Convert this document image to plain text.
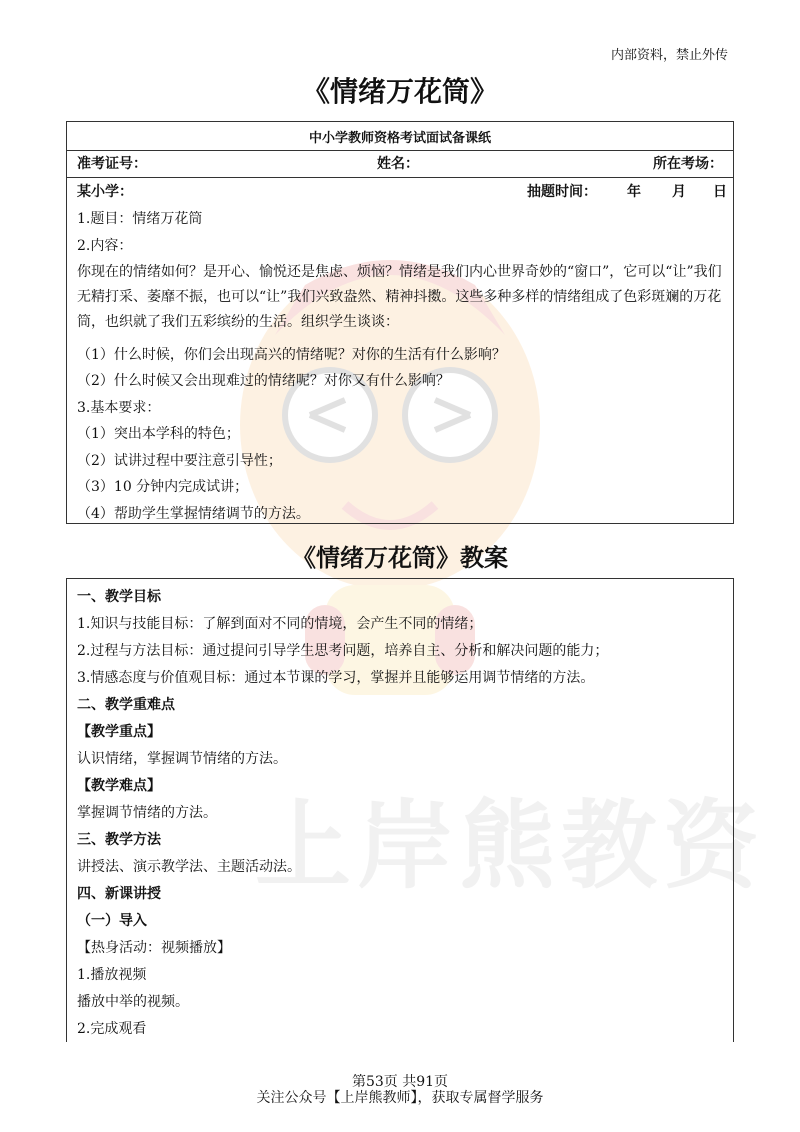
上岸熊教资
内部资料，禁止外传
《情绪万花筒》
中小学教师资格考试面试备课纸
准考证号：	姓名：	所在考场：
某小学：	抽题时间： 年 月 日
1.题目：情绪万花筒
2.内容：
你现在的情绪如何？是开心、愉悦还是焦虑、烦恼？情绪是我们内心世界奇妙的“窗口”，它可以“让”我们无精打采、萎靡不振，也可以“让”我们兴致盎然、精神抖擞。这些多种多样的情绪组成了色彩斑斓的万花筒，也织就了我们五彩缤纷的生活。组织学生谈谈：
（1）什么时候，你们会出现高兴的情绪呢？对你的生活有什么影响？
（2）什么时候又会出现难过的情绪呢？对你又有什么影响？
3.基本要求：
（1）突出本学科的特色；
（2）试讲过程中要注意引导性；
（3）10 分钟内完成试讲；
（4）帮助学生掌握情绪调节的方法。
《情绪万花筒》教案
一、教学目标
1.知识与技能目标：了解到面对不同的情境，会产生不同的情绪；
2.过程与方法目标：通过提问引导学生思考问题，培养自主、分析和解决问题的能力；
3.情感态度与价值观目标：通过本节课的学习，掌握并且能够运用调节情绪的方法。
二、教学重难点
【教学重点】
认识情绪，掌握调节情绪的方法。
【教学难点】
掌握调节情绪的方法。
三、教学方法
讲授法、演示教学法、主题活动法。
四、新课讲授
（一）导入
【热身活动：视频播放】
1.播放视频
播放中举的视频。
2.完成观看
第53页 共91页
关注公众号【上岸熊教师】，获取专属督学服务
